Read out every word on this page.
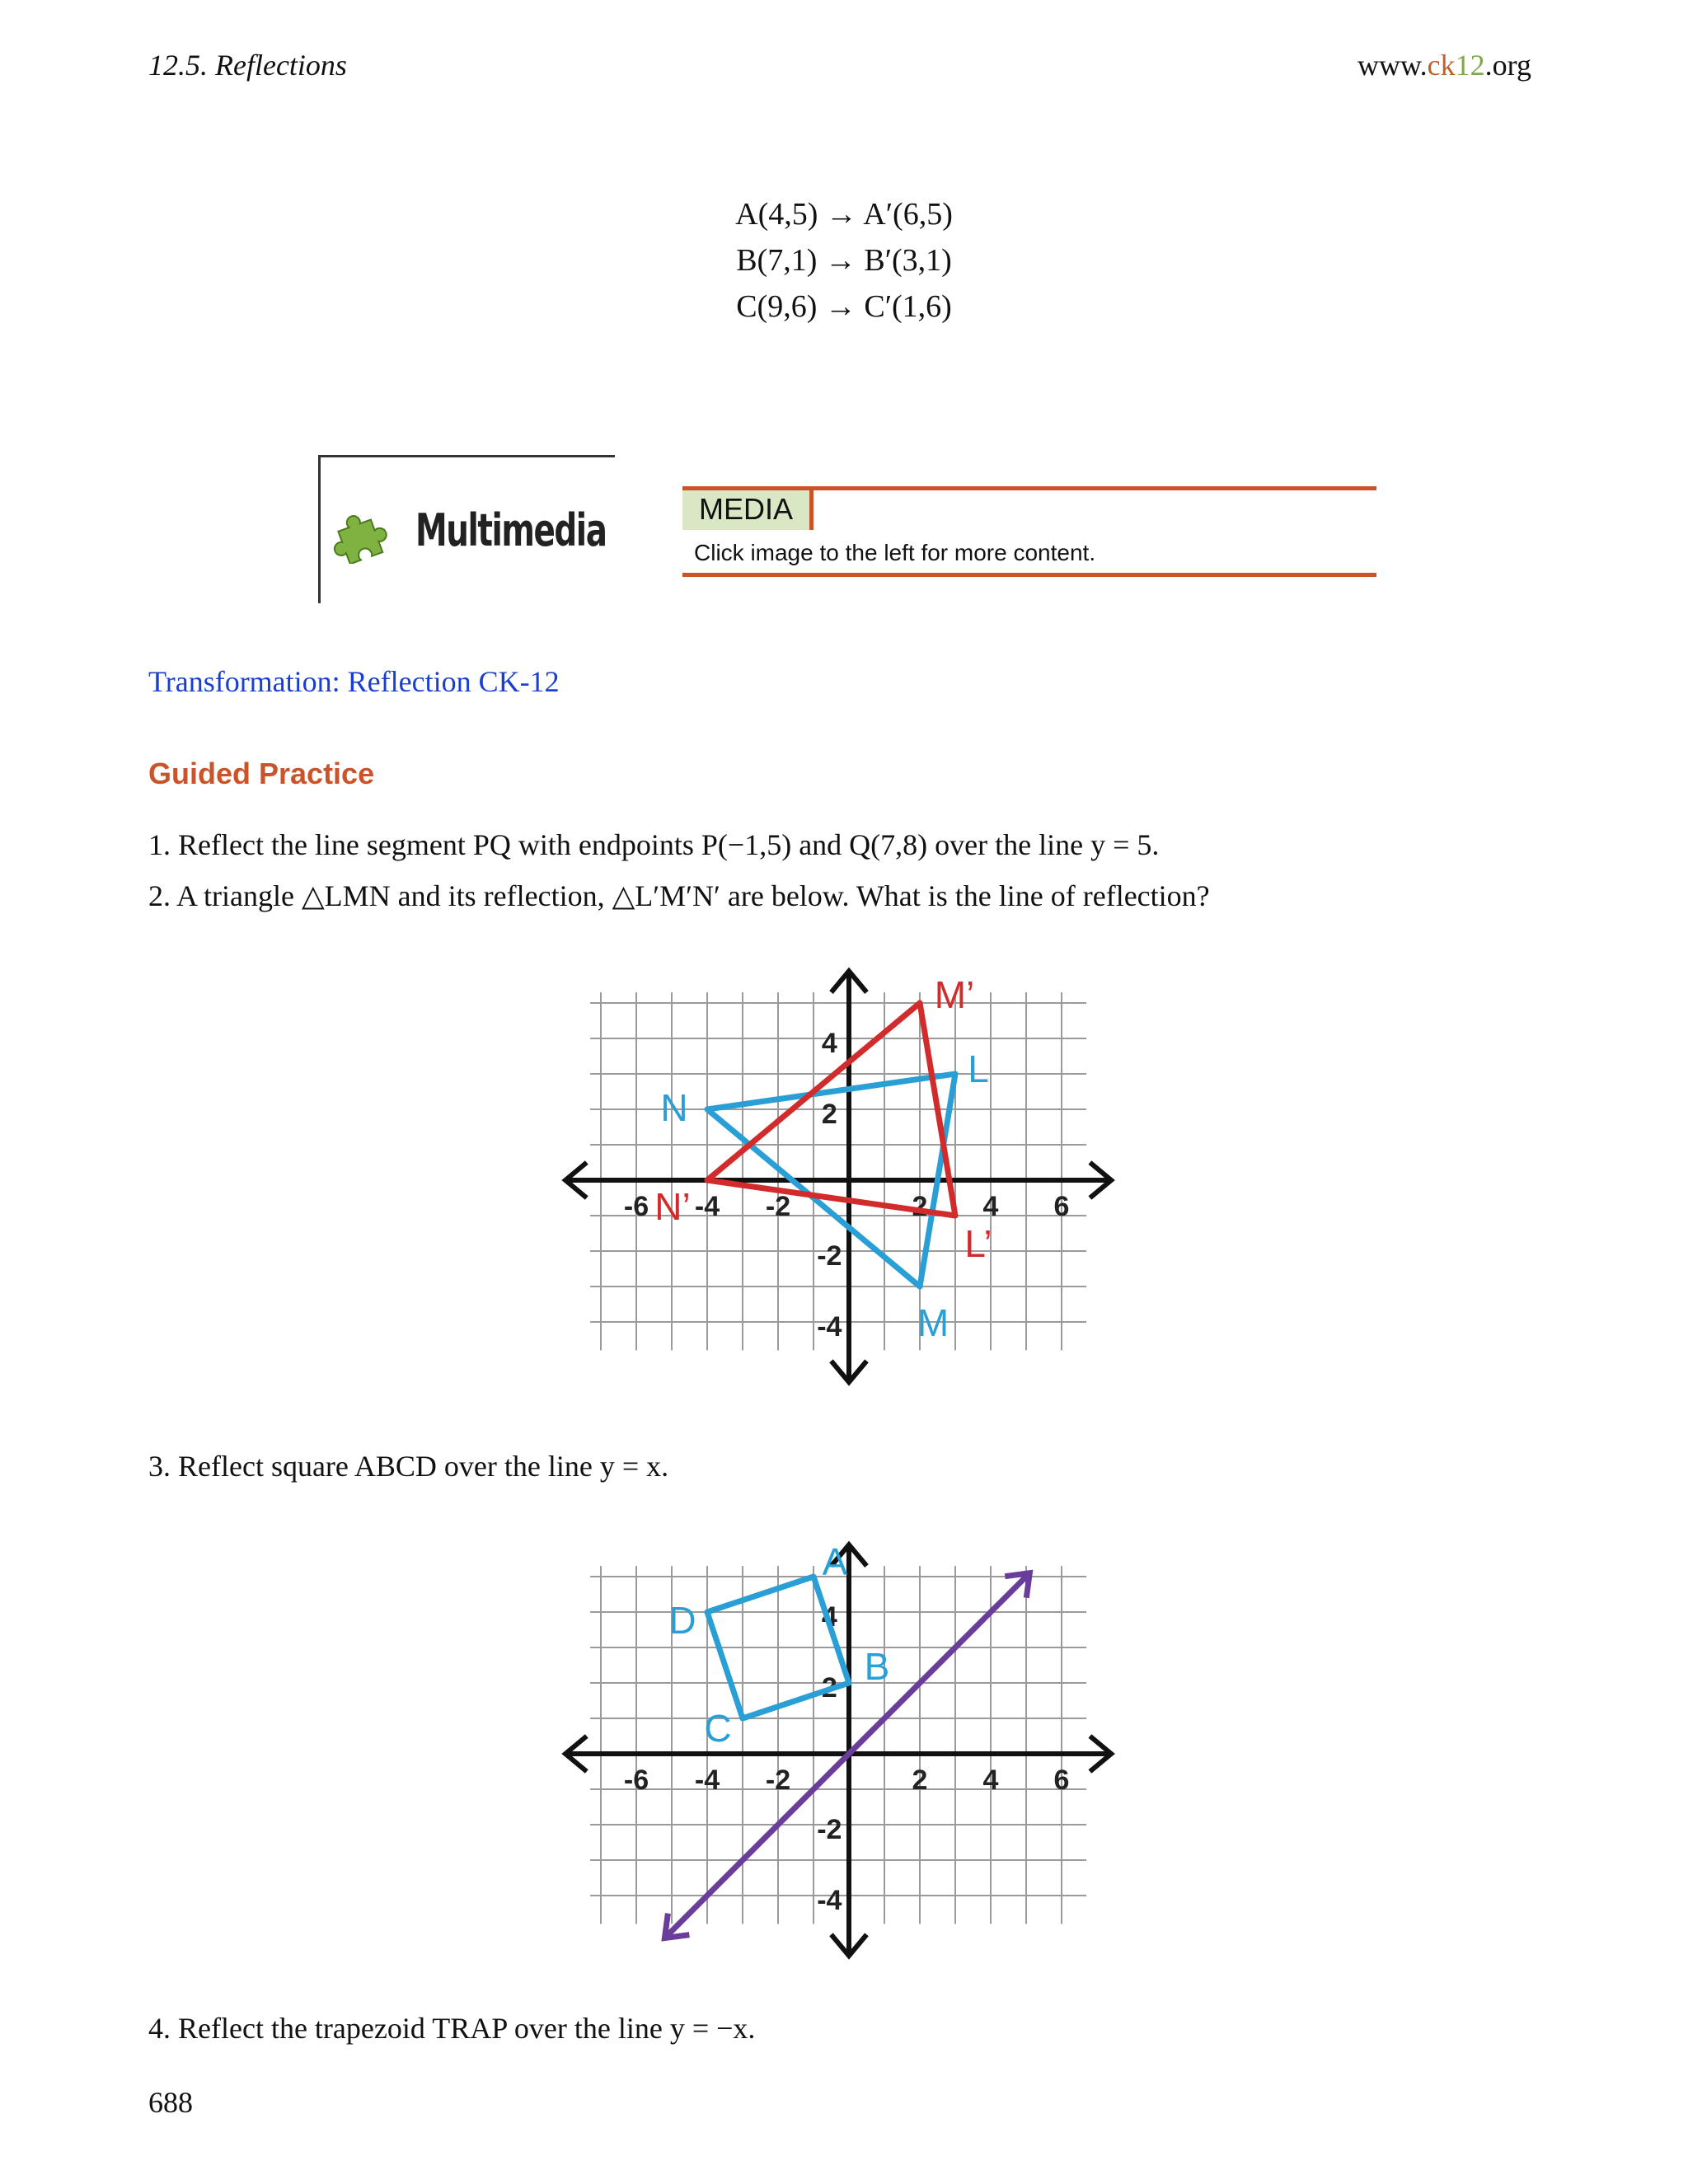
12.5. Reflections	www.ck12.org
A(4,5) → A′(6,5)
B(7,1) → B′(3,1)
C(9,6) → C′(1,6)
Multimedia	MEDIA
Click image to the left for more content.
Transformation: Reflection CK-12
Guided Practice
1. Reflect the line segment PQ with endpoints P(−1,5) and Q(7,8) over the line y = 5.
2. A triangle △LMN and its reflection, △L′M′N′ are below. What is the line of reflection?
-6 -4 -2	2 4 6
4
2
-2
-4
L
M
N
L’
M’
N’
3. Reflect square ABCD over the line y = x.
-6 -4 -2	2 4 6
4
2
-2
-4
A
B
C
D
4. Reflect the trapezoid TRAP over the line y = −x.
688
